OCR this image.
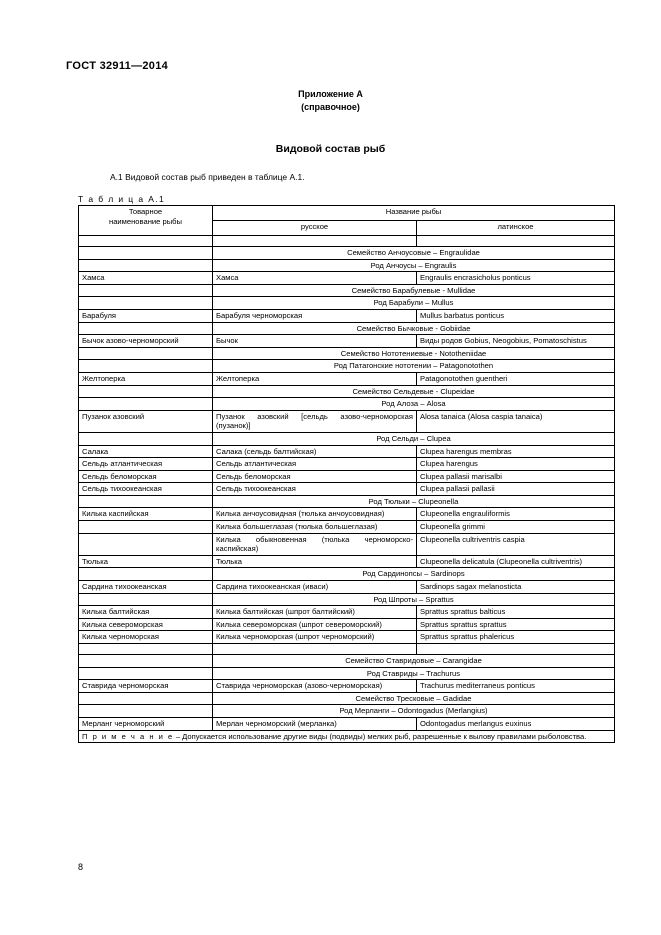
ГОСТ 32911—2014
Приложение А
(справочное)
Видовой состав рыб
А.1 Видовой состав рыб приведен в таблице А.1.
Т а б л и ц а А.1
Товарное
наименование рыбы	Название рыбы	
	русское	латинское

	Семейство Анчоусовые – Engraulidae	
	Род Анчоусы – Engraulis	
Хамса	Хамса	Engraulis encrasicholus ponticus
	Семейство Барабулевые - Mullidae	
	Род Барабули – Mullus	
Барабуля	Барабуля черноморская	Mullus barbatus ponticus
	Семейство Бычковые - Gobiidae	
Бычок азово-черноморский	Бычок	Виды родов Gobius, Neogobius, Pomatoschistus
	Семейство Нототениевые - Nototheniidae	
	Род Патагонские нототении – Patagonotothen	
Желтоперка	Желтоперка	Patagonotothen guentheri
	Семейство Сельдевые - Clupeidae	
	Род Алоза – Alosa	
Пузанок азовский	Пузанок азовский [сельдь азово-черноморская (пузанок)]	Alosa tanaica (Alosa caspia tanaica)
	Род Сельди – Clupea	
Салака	Салака (сельдь балтийская)	Clupea harengus membras
Сельдь атлантическая	Сельдь атлантическая	Clupea harengus
Сельдь беломорская	Сельдь беломорская	Clupea pallasii marisalbi
Сельдь тихоокеанская	Сельдь тихоокеанская	Clupea pallasii pallasii
	Род Тюльки – Clupeonella	
Килька каспийская	Килька анчоусовидная (тюлька анчоусовидная)	Clupeonella engrauliformis
	Килька большеглазая (тюлька большеглазая)	Clupeonella grimmi
	Килька обыкновенная (тюлька черноморско-каспийская)	Clupeonella cultriventris caspia
Тюлька	Тюлька	Clupeonella delicatula (Clupeonella cultriventris)
	Род Сардинопсы – Sardinops	
Сардина тихоокеанская	Сардина тихоокеанская (иваси)	Sardinops sagax melanosticta
	Род Шпроты – Sprattus	
Килька балтийская	Килька балтийская (шпрот балтийский)	Sprattus sprattus balticus
Килька североморская	Килька североморская (шпрот североморский)	Sprattus sprattus sprattus
Килька черноморская	Килька черноморская (шпрот черноморский)	Sprattus sprattus phalericus

	Семейство Ставридовые – Carangidae	
	Род Ставриды – Trachurus	
Ставрида черноморская	Ставрида черноморская (азово-черноморская)	Trachurus mediterraneus ponticus
	Семейство Тресковые – Gadidae	
	Род Мерланги – Odontogadus (Merlangius)	
Мерланг черноморский	Мерлан черноморский (мерланка)	Odontogadus merlangus euxinus
П р и м е ч а н и е – Допускается использование другие виды (подвиды) мелких рыб, разрешенные к вылову правилами рыболовства.		
8
